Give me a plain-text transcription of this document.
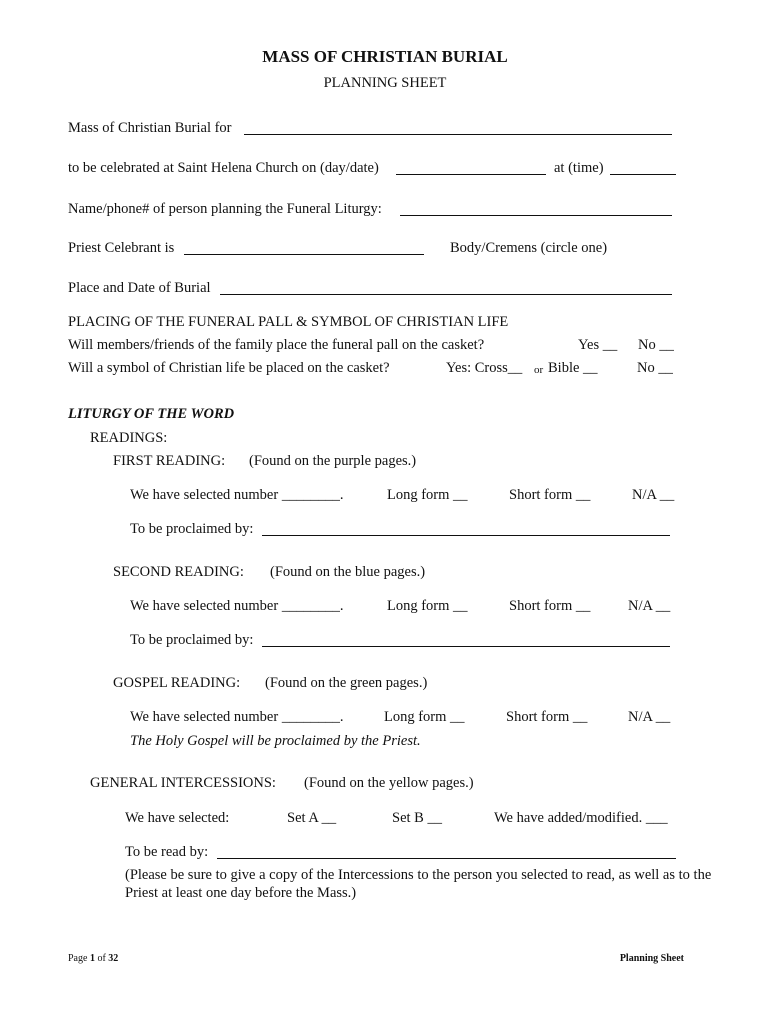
MASS OF CHRISTIAN BURIAL
PLANNING SHEET
Mass of Christian Burial for
to be celebrated at Saint Helena Church on (day/date)	at (time)
Name/phone# of person planning the Funeral Liturgy:
Priest Celebrant is	Body/Cremens (circle one)
Place and Date of Burial
PLACING OF THE FUNERAL PALL & SYMBOL OF CHRISTIAN LIFE
Will members/friends of the family place the funeral pall on the casket?	Yes __ No __
Will a symbol of Christian life be placed on the casket?	Yes: Cross__ or Bible __	No __
LITURGY OF THE WORD
READINGS:
FIRST READING: (Found on the purple pages.)
We have selected number ________.	Long form __	Short form __	N/A __
To be proclaimed by:
SECOND READING: (Found on the blue pages.)
We have selected number ________.	Long form __	Short form __	N/A __
To be proclaimed by:
GOSPEL READING: (Found on the green pages.)
We have selected number ________.	Long form __	Short form __	N/A __
The Holy Gospel will be proclaimed by the Priest.
GENERAL INTERCESSIONS: (Found on the yellow pages.)
We have selected:	Set A __	Set B __	We have added/modified. ___
To be read by:
(Please be sure to give a copy of the Intercessions to the person you selected to read, as well as to the Priest at least one day before the Mass.)
Page 1 of 32	Planning Sheet
